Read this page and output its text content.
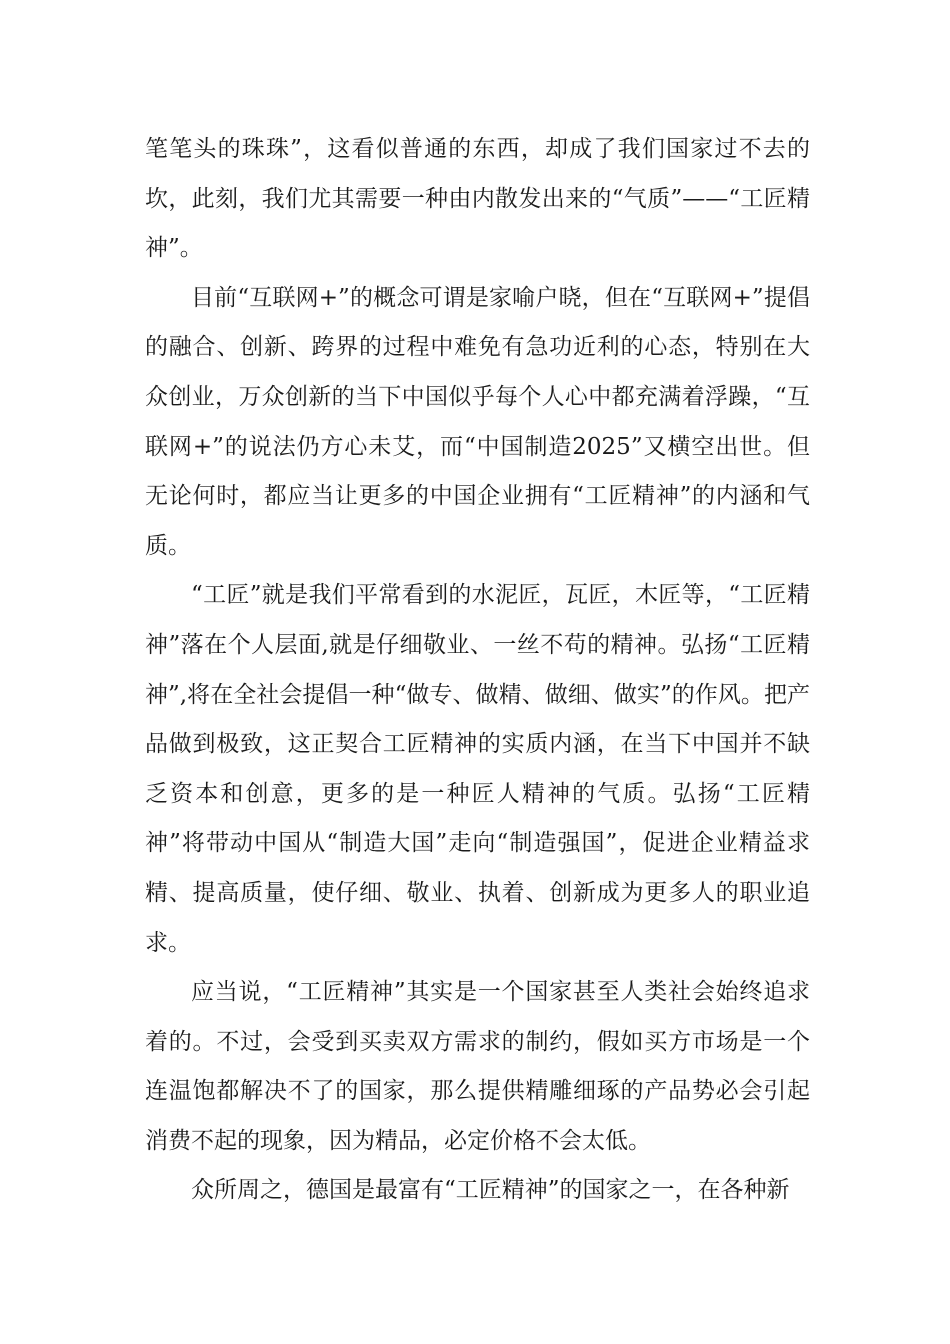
笔笔头的珠珠”，这看似普通的东西，却成了我们国家过不去的坎，此刻，我们尤其需要一种由内散发出来的“气质”——“工匠精神”。

目前“互联网+”的概念可谓是家喻户晓，但在“互联网+”提倡的融合、创新、跨界的过程中难免有急功近利的心态，特别在大众创业，万众创新的当下中国似乎每个人心中都充满着浮躁，“互联网+”的说法仍方心未艾，而“中国制造2025”又横空出世。但无论何时，都应当让更多的中国企业拥有“工匠精神”的内涵和气质。

“工匠”就是我们平常看到的水泥匠，瓦匠，木匠等，“工匠精神”落在个人层面,就是仔细敬业、一丝不苟的精神。弘扬“工匠精神”,将在全社会提倡一种“做专、做精、做细、做实”的作风。把产品做到极致，这正契合工匠精神的实质内涵，在当下中国并不缺乏资本和创意，更多的是一种匠人精神的气质。弘扬“工匠精神”将带动中国从“制造大国”走向“制造强国”，促进企业精益求精、提高质量，使仔细、敬业、执着、创新成为更多人的职业追求。

应当说，“工匠精神”其实是一个国家甚至人类社会始终追求着的。不过，会受到买卖双方需求的制约，假如买方市场是一个连温饱都解决不了的国家，那么提供精雕细琢的产品势必会引起消费不起的现象，因为精品，必定价格不会太低。

众所周之，德国是最富有“工匠精神”的国家之一，在各种新
